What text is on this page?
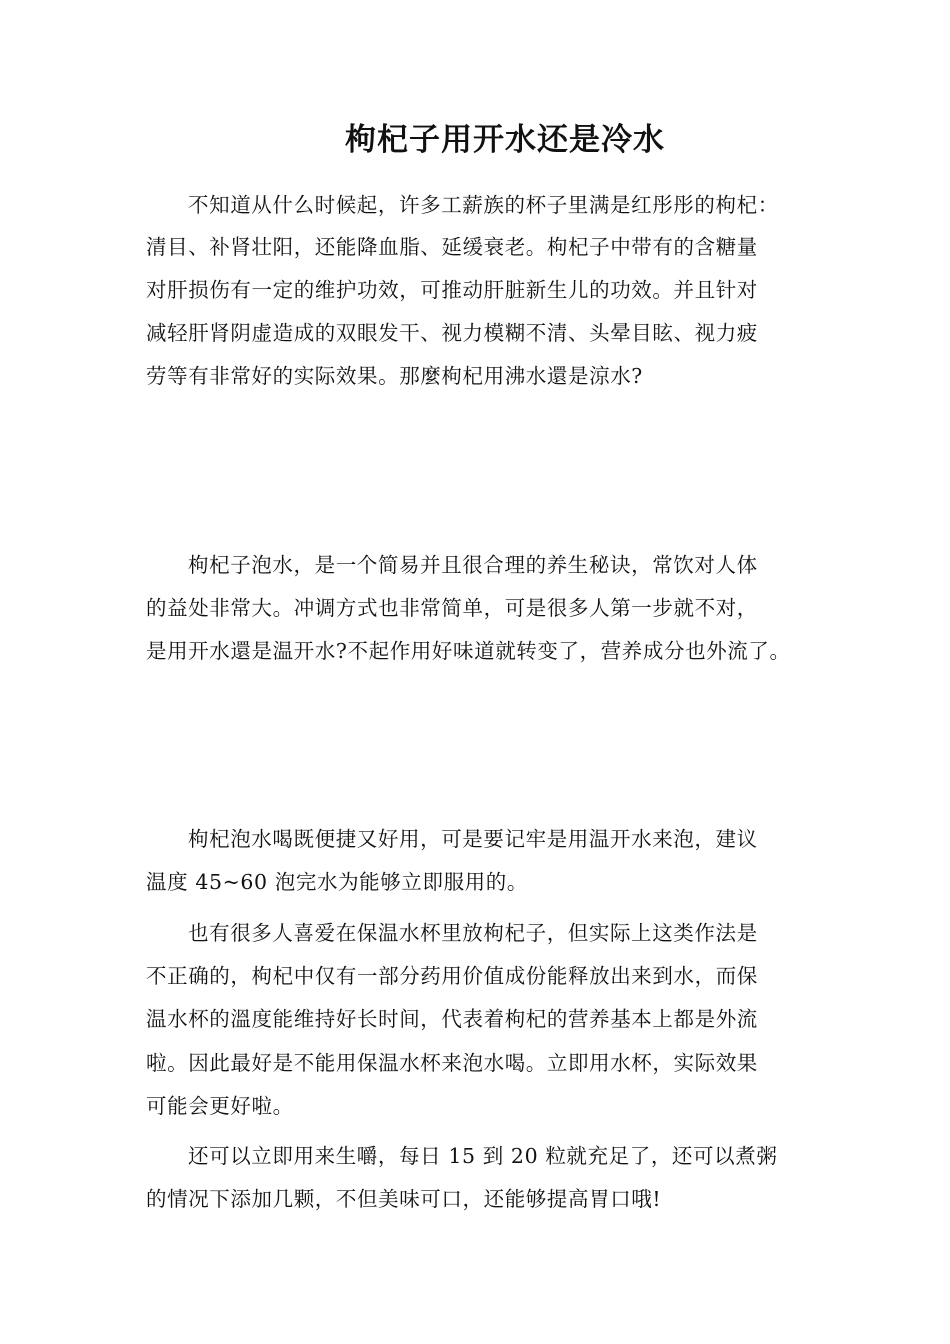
枸杞子用开水还是冷水
不知道从什么时候起，许多工薪族的杯子里满是红彤彤的枸杞：
清目、补肾壮阳，还能降血脂、延缓衰老。枸杞子中带有的含糖量
对肝损伤有一定的维护功效，可推动肝脏新生儿的功效。并且针对
减轻肝肾阴虚造成的双眼发干、视力模糊不清、头晕目眩、视力疲
劳等有非常好的实际效果。那麼枸杞用沸水還是涼水?
枸杞子泡水，是一个简易并且很合理的养生秘诀，常饮对人体
的益处非常大。冲调方式也非常简单，可是很多人第一步就不对，
是用开水還是温开水?不起作用好味道就转变了，营养成分也外流了。
枸杞泡水喝既便捷又好用，可是要记牢是用温开水来泡，建议
温度 45~60 泡完水为能够立即服用的。
也有很多人喜爱在保温水杯里放枸杞子，但实际上这类作法是
不正确的，枸杞中仅有一部分药用价值成份能释放出来到水，而保
温水杯的溫度能维持好长时间，代表着枸杞的营养基本上都是外流
啦。因此最好是不能用保温水杯来泡水喝。立即用水杯，实际效果
可能会更好啦。
还可以立即用来生嚼，每日 15 到 20 粒就充足了，还可以煮粥
的情况下添加几颗，不但美味可口，还能够提高胃口哦!
